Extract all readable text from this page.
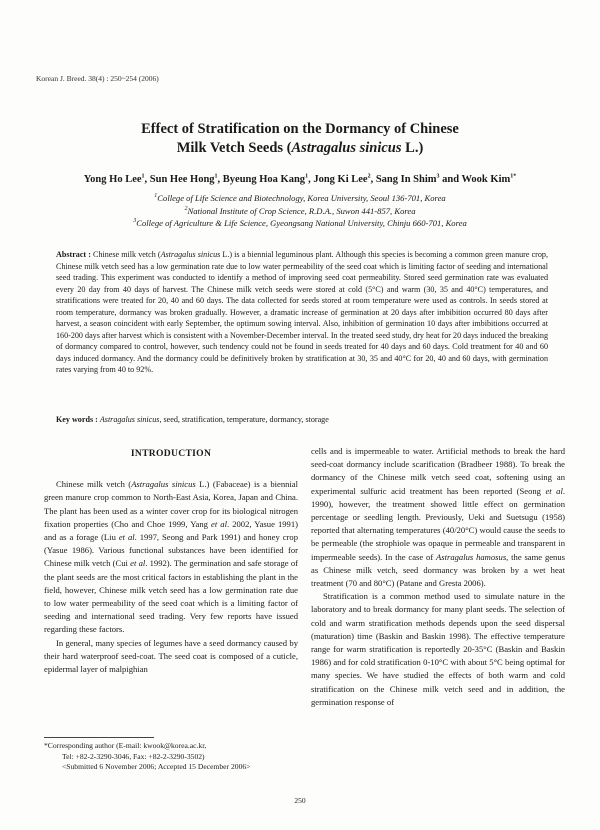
Korean J. Breed. 38(4) : 250~254 (2006)
Effect of Stratification on the Dormancy of Chinese
Milk Vetch Seeds (Astragalus sinicus L.)
Yong Ho Lee$^1$, Sun Hee Hong$^1$, Byeung Hoa Kang$^1$, Jong Ki Lee$^2$, Sang In Shim$^3$ and Wook Kim$^{1*}$
$^1$College of Life Science and Biotechnology, Korea University, Seoul 136-701, Korea
$^2$National Institute of Crop Science, R.D.A., Suwon 441-857, Korea
$^3$College of Agriculture & Life Science, Gyeongsang National University, Chinju 660-701, Korea
Abstract : Chinese milk vetch (Astragalus sinicus L.) is a biennial leguminous plant. Although this species is becoming a common green manure crop, Chinese milk vetch seed has a low germination rate due to low water permeability of the seed coat which is limiting factor of seeding and international seed trading. This experiment was conducted to identify a method of improving seed coat permeability. Stored seed germination rate was evaluated every 20 day from 40 days of harvest. The Chinese milk vetch seeds were stored at cold (5°C) and warm (30, 35 and 40°C) temperatures, and stratifications were treated for 20, 40 and 60 days. The data collected for seeds stored at room temperature were used as controls. In seeds stored at room temperature, dormancy was broken gradually. However, a dramatic increase of germination at 20 days after imbibition occurred 80 days after harvest, a season coincident with early September, the optimum sowing interval. Also, inhibition of germination 10 days after imbibitions occurred at 160-200 days after harvest which is consistent with a November-December interval. In the treated seed study, dry heat for 20 days induced the breaking of dormancy compared to control, however, such tendency could not be found in seeds treated for 40 days and 60 days. Cold treatment for 40 and 60 days induced dormancy. And the dormancy could be definitively broken by stratification at 30, 35 and 40°C for 20, 40 and 60 days, with germination rates varying from 40 to 92%.
Key words : Astragalus sinicus, seed, stratification, temperature, dormancy, storage
INTRODUCTION

Chinese milk vetch (Astragalus sinicus L.) (Fabaceae) is a biennial green manure crop common to North-East Asia, Korea, Japan and China. The plant has been used as a winter cover crop for its biological nitrogen fixation properties (Cho and Choe 1999, Yang et al. 2002, Yasue 1991) and as a forage (Liu et al. 1997, Seong and Park 1991) and honey crop (Yasue 1986). Various functional substances have been identified for Chinese milk vetch (Cui et al. 1992). The germination and safe storage of the plant seeds are the most critical factors in establishing the plant in the field, however, Chinese milk vetch seed has a low germination rate due to low water permeability of the seed coat which is a limiting factor of seeding and international seed trading. Very few reports have issued regarding these factors.

In general, many species of legumes have a seed dormancy caused by their hard waterproof seed-coat. The seed coat is composed of a cuticle, epidermal layer of malpighian

cells and is impermeable to water. Artificial methods to break the hard seed-coat dormancy include scarification (Bradbeer 1988). To break the dormancy of the Chinese milk vetch seed coat, softening using an experimental sulfuric acid treatment has been reported (Seong et al. 1990), however, the treatment showed little effect on germination percentage or seedling length. Previously, Ueki and Suetsugu (1958) reported that alternating temperatures (40/20°C) would cause the seeds to be permeable (the strophiole was opaque in permeable and transparent in impermeable seeds). In the case of Astragalus hamosus, the same genus as Chinese milk vetch, seed dormancy was broken by a wet heat treatment (70 and 80°C) (Patane and Gresta 2006).

Stratification is a common method used to simulate nature in the laboratory and to break dormancy for many plant seeds. The selection of cold and warm stratification methods depends upon the seed dispersal (maturation) time (Baskin and Baskin 1998). The effective temperature range for warm stratification is reportedly 20-35°C (Baskin and Baskin 1986) and for cold stratification 0-10°C with about 5°C being optimal for many species. We have studied the effects of both warm and cold stratification on the Chinese milk vetch seed and in addition, the germination response of

*Corresponding author (E-mail: kwook@korea.ac.kr,
Tel: +82-2-3290-3046, Fax: +82-2-3290-3502)
<Submitted 6 November 2006; Accepted 15 December 2006>
250
